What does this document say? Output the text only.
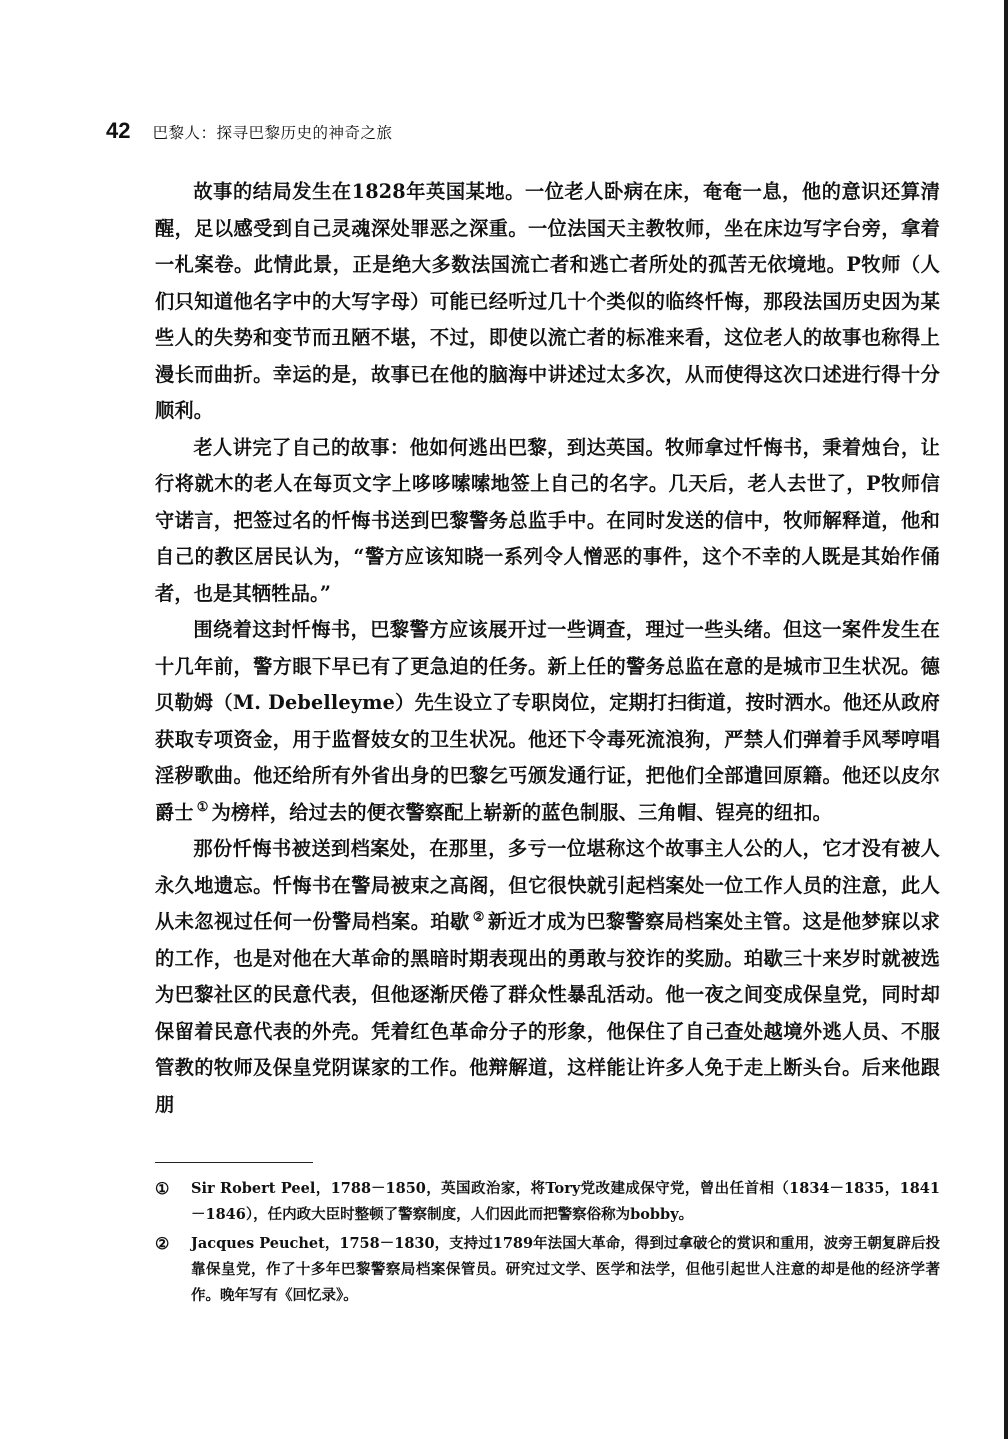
42 巴黎人：探寻巴黎历史的神奇之旅

故事的结局发生在1828年英国某地。一位老人卧病在床，奄奄一息，他的意识还算清醒，足以感受到自己灵魂深处罪恶之深重。一位法国天主教牧师，坐在床边写字台旁，拿着一札案卷。此情此景，正是绝大多数法国流亡者和逃亡者所处的孤苦无依境地。P牧师（人们只知道他名字中的大写字母）可能已经听过几十个类似的临终忏悔，那段法国历史因为某些人的失势和变节而丑陋不堪，不过，即使以流亡者的标准来看，这位老人的故事也称得上漫长而曲折。幸运的是，故事已在他的脑海中讲述过太多次，从而使得这次口述进行得十分顺利。

老人讲完了自己的故事：他如何逃出巴黎，到达英国。牧师拿过忏悔书，秉着烛台，让行将就木的老人在每页文字上哆哆嗦嗦地签上自己的名字。几天后，老人去世了，P牧师信守诺言，把签过名的忏悔书送到巴黎警务总监手中。在同时发送的信中，牧师解释道，他和自己的教区居民认为，“警方应该知晓一系列令人憎恶的事件，这个不幸的人既是其始作俑者，也是其牺牲品。”

围绕着这封忏悔书，巴黎警方应该展开过一些调查，理过一些头绪。但这一案件发生在十几年前，警方眼下早已有了更急迫的任务。新上任的警务总监在意的是城市卫生状况。德贝勒姆（M. Debelleyme）先生设立了专职岗位，定期打扫街道，按时洒水。他还从政府获取专项资金，用于监督妓女的卫生状况。他还下令毒死流浪狗，严禁人们弹着手风琴哼唱淫秽歌曲。他还给所有外省出身的巴黎乞丐颁发通行证，把他们全部遣回原籍。他还以皮尔爵士 ① 为榜样，给过去的便衣警察配上崭新的蓝色制服、三角帽、锃亮的纽扣。

那份忏悔书被送到档案处，在那里，多亏一位堪称这个故事主人公的人，它才没有被人永久地遗忘。忏悔书在警局被束之高阁，但它很快就引起档案处一位工作人员的注意，此人从未忽视过任何一份警局档案。珀歇 ② 新近才成为巴黎警察局档案处主管。这是他梦寐以求的工作，也是对他在大革命的黑暗时期表现出的勇敢与狡诈的奖励。珀歇三十来岁时就被选为巴黎社区的民意代表，但他逐渐厌倦了群众性暴乱活动。他一夜之间变成保皇党，同时却保留着民意代表的外壳。凭着红色革命分子的形象，他保住了自己查处越境外逃人员、不服管教的牧师及保皇党阴谋家的工作。他辩解道，这样能让许多人免于走上断头台。后来他跟朋

①	Sir Robert Peel，1788－1850，英国政治家，将Tory党改建成保守党，曾出任首相（1834－1835，1841－1846），任内政大臣时整顿了警察制度，人们因此而把警察俗称为bobby。
②	Jacques Peuchet，1758－1830，支持过1789年法国大革命，得到过拿破仑的赏识和重用，波旁王朝复辟后投靠保皇党，作了十多年巴黎警察局档案保管员。研究过文学、医学和法学，但他引起世人注意的却是他的经济学著作。晚年写有《回忆录》。
